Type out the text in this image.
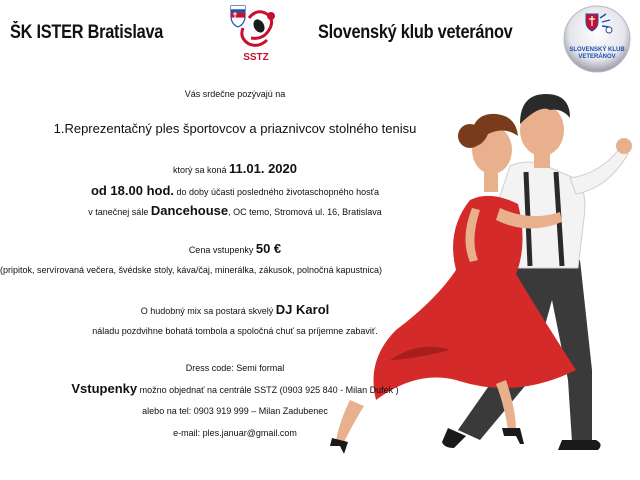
ŠK ISTER Bratislava
SSTZ
Slovenský klub veteránov
SLOVENSKÝ KLUB
VETERÁNOV
Vás srdečne pozývajú na
1.Reprezentačný ples športovcov a priaznivcov stolného tenisu
ktorý sa koná 11.01. 2020
od 18.00 hod. do doby účasti posledného životaschopného hosťa
v tanečnej sále Dancehouse, OC temo, Stromová ul. 16, Bratislava
Cena vstupenky 50 €
(pripitok, servírovaná večera, švédske stoly, káva/čaj, minerálka, zákusok, polnočná kapustnica)
O hudobný mix sa postará skvelý DJ Karol
náladu pozdvihne bohatá tombola a spoločná chuť sa príjemne zabaviť.
Dress code: Semi formal
Vstupenky možno objednať na centrále SSTZ (0903 925 840 - Milan Dufek )
alebo na tel: 0903 919 999 – Milan Zadubenec
e-mail: ples.januar@gmail.com
